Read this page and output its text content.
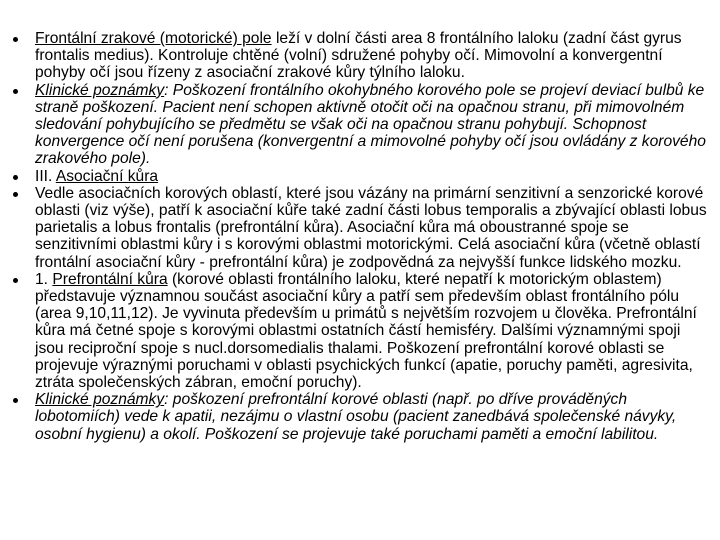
Frontální zrakové (motorické) pole leží v dolní části area 8 frontálního laloku (zadní část gyrus frontalis medius). Kontroluje chtěné (volní) sdružené pohyby očí. Mimovolní a konvergentní pohyby očí jsou řízeny z asociační zrakové kůry týlního laloku.
Klinické poznámky: Poškození frontálního okohybného korového pole se projeví deviací bulbů ke straně poškození. Pacient není schopen aktivně otočit oči na opačnou stranu, při mimovolném sledování pohybujícího se předmětu se však oči na opačnou stranu pohybují. Schopnost konvergence očí není porušena (konvergentní a mimovolné pohyby očí jsou ovládány z korového zrakového pole).
III. Asociační kůra
Vedle asociačních korových oblastí, které jsou vázány na primární senzitivní a senzorické korové oblasti (viz výše), patří k asociační kůře také zadní části lobus temporalis a zbývající oblasti lobus parietalis a lobus frontalis (prefrontální kůra). Asociační kůra má oboustranné spoje se senzitivními oblastmi kůry i s korovými oblastmi motorickými. Celá asociační kůra (včetně oblastí frontální asociační kůry - prefrontální kůra) je zodpovědná za nejvyšší funkce lidského mozku.
1. Prefrontální kůra (korové oblasti frontálního laloku, které nepatří k motorickým oblastem) představuje významnou součást asociační kůry a patří sem především oblast frontálního pólu (area 9,10,11,12). Je vyvinuta především u primátů s největším rozvojem u člověka. Prefrontální kůra má četné spoje s korovými oblastmi ostatních částí hemisféry. Dalšími významnými spoji jsou reciproční spoje s nucl.dorsomedialis thalami. Poškození prefrontální korové oblasti se projevuje výraznými poruchami v oblasti psychických funkcí (apatie, poruchy paměti, agresivita, ztráta společenských zábran, emoční poruchy).
Klinické poznámky: poškození prefrontální korové oblasti (např. po dříve prováděných lobotomiích) vede k apatii, nezájmu o vlastní osobu (pacient zanedbává společenské návyky, osobní hygienu) a okolí. Poškození se projevuje také poruchami paměti a emoční labilitou.
